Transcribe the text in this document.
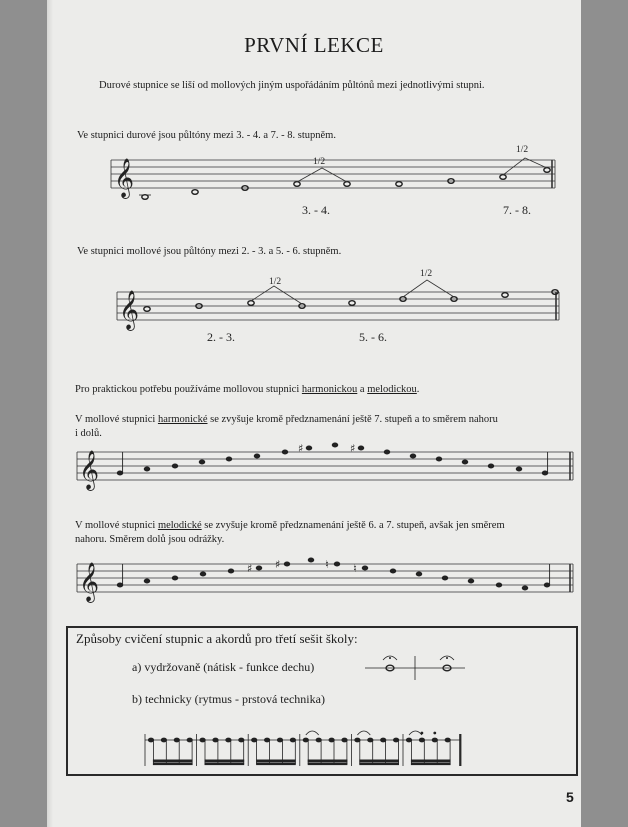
PRVNÍ LEKCE
Durové stupnice se liší od mollových jiným uspořádáním půltónů mezi jednotlivými stupni.
Ve stupnici durové jsou půltóny mezi 3. - 4. a 7. - 8. stupněm.
𝄞	1/2
1/2
3. - 4.	7. - 8.
Ve stupnici mollové jsou půltóny mezi 2. - 3. a 5. - 6. stupněm.
𝄞
1/2
1/2
2. - 3.	5. - 6.
Pro praktickou potřebu používáme mollovou stupnici harmonickou a melodickou.
V mollové stupnici harmonické se zvyšuje kromě předznamenání ještě 7. stupeň a to směrem nahoru
i dolů.
𝄞
♯	♯
V mollové stupnici melodické se zvyšuje kromě předznamenání ještě 6. a 7. stupeň, avšak jen směrem
nahoru. Směrem dolů jsou odrážky.
𝄞	♯ ♯	♮ ♮
Způsoby cvičení stupnic a akordů pro třetí sešit školy:
a) vydržovaně (nátisk - funkce dechu)
b) technicky (rytmus - prstová technika)
5
